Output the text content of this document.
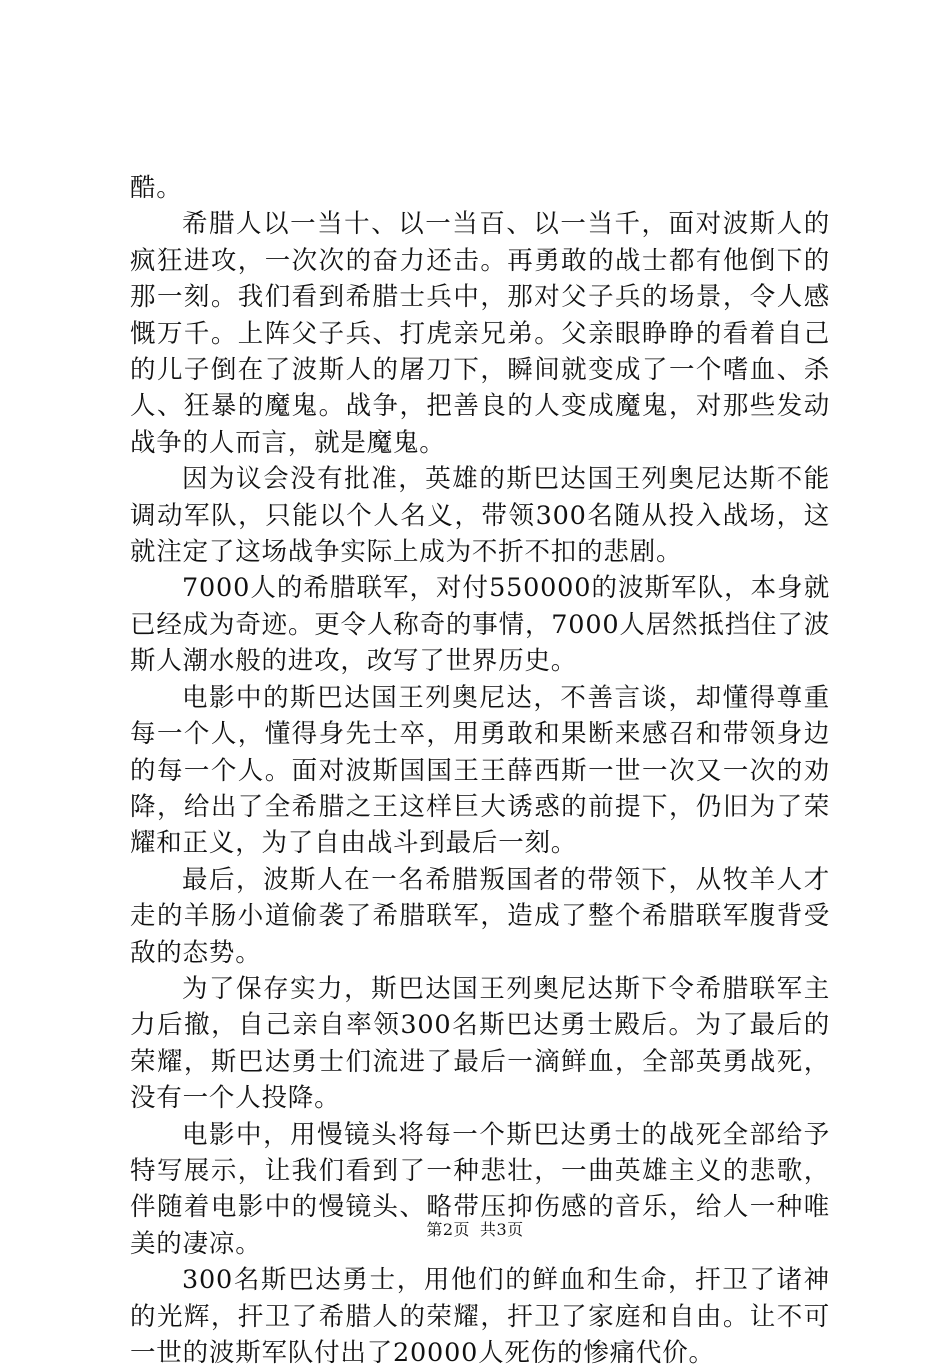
酷。

希腊人以一当十、以一当百、以一当千，面对波斯人的疯狂进攻，一次次的奋力还击。再勇敢的战士都有他倒下的那一刻。我们看到希腊士兵中，那对父子兵的场景，令人感慨万千。上阵父子兵、打虎亲兄弟。父亲眼睁睁的看着自己的儿子倒在了波斯人的屠刀下，瞬间就变成了一个嗜血、杀人、狂暴的魔鬼。战争，把善良的人变成魔鬼，对那些发动战争的人而言，就是魔鬼。

因为议会没有批准，英雄的斯巴达国王列奥尼达斯不能调动军队，只能以个人名义，带领300名随从投入战场，这就注定了这场战争实际上成为不折不扣的悲剧。

7000人的希腊联军，对付550000的波斯军队，本身就已经成为奇迹。更令人称奇的事情，7000人居然抵挡住了波斯人潮水般的进攻，改写了世界历史。

电影中的斯巴达国王列奥尼达，不善言谈，却懂得尊重每一个人，懂得身先士卒，用勇敢和果断来感召和带领身边的每一个人。面对波斯国国王王薛西斯一世一次又一次的劝降，给出了全希腊之王这样巨大诱惑的前提下，仍旧为了荣耀和正义，为了自由战斗到最后一刻。

最后，波斯人在一名希腊叛国者的带领下，从牧羊人才走的羊肠小道偷袭了希腊联军，造成了整个希腊联军腹背受敌的态势。

为了保存实力，斯巴达国王列奥尼达斯下令希腊联军主力后撤，自己亲自率领300名斯巴达勇士殿后。为了最后的荣耀，斯巴达勇士们流进了最后一滴鲜血，全部英勇战死，没有一个人投降。

电影中，用慢镜头将每一个斯巴达勇士的战死全部给予特写展示，让我们看到了一种悲壮，一曲英雄主义的悲歌，伴随着电影中的慢镜头、略带压抑伤感的音乐，给人一种唯美的凄凉。

300名斯巴达勇士，用他们的鲜血和生命，扞卫了诸神的光辉，扞卫了希腊人的荣耀，扞卫了家庭和自由。让不可一世的波斯军队付出了20000人死伤的惨痛代价。

第2页 共3页
